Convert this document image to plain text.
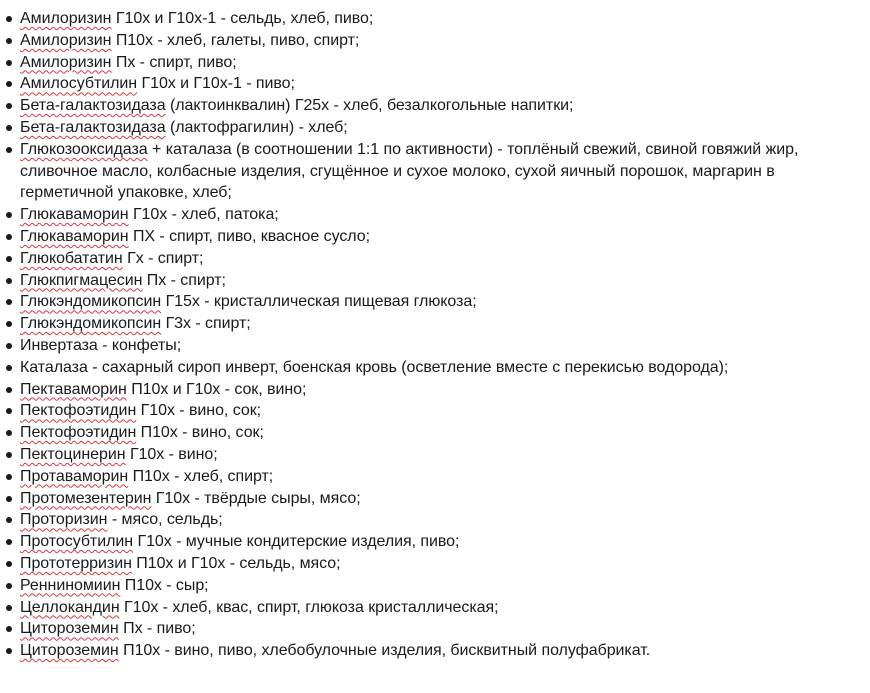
Амилоризин Г10х и Г10х-1 - сельдь, хлеб, пиво;
Амилоризин П10х - хлеб, галеты, пиво, спирт;
Амилоризин Пх - спирт, пиво;
Амилосубтилин Г10х и Г10х-1 - пиво;
Бета-галактозидаза (лактоинквалин) Г25х - хлеб, безалкогольные напитки;
Бета-галактозидаза (лактофрагилин) - хлеб;
Глюкозооксидаза + каталаза (в соотношении 1:1 по активности) - топлёный свежий, свиной говяжий жир, сливочное масло, колбасные изделия, сгущённое и сухое молоко, сухой яичный порошок, маргарин в герметичной упаковке, хлеб;
Глюкаваморин Г10х - хлеб, патока;
Глюкаваморин ПХ - спирт, пиво, квасное сусло;
Глюкобататин Гх - спирт;
Глюкпигмацесин Пх - спирт;
Глюкэндомикопсин Г15х - кристаллическая пищевая глюкоза;
Глюкэндомикопсин Г3х - спирт;
Инвертаза - конфеты;
Каталаза - сахарный сироп инверт, боенская кровь (осветление вместе с перекисью водорода);
Пектаваморин П10х и Г10х - сок, вино;
Пектофоэтидин Г10х - вино, сок;
Пектофоэтидин П10х - вино, сок;
Пектоцинерин Г10х - вино;
Протаваморин П10х - хлеб, спирт;
Протомезентерин Г10х - твёрдые сыры, мясо;
Проторизин - мясо, сельдь;
Протосубтилин Г10х - мучные кондитерские изделия, пиво;
Прототерризин П10х и Г10х - сельдь, мясо;
Ренниномиин П10х - сыр;
Целлокандин Г10х - хлеб, квас, спирт, глюкоза кристаллическая;
Цитороземин Пх - пиво;
Цитороземин П10х - вино, пиво, хлебобулочные изделия, бисквитный полуфабрикат.
